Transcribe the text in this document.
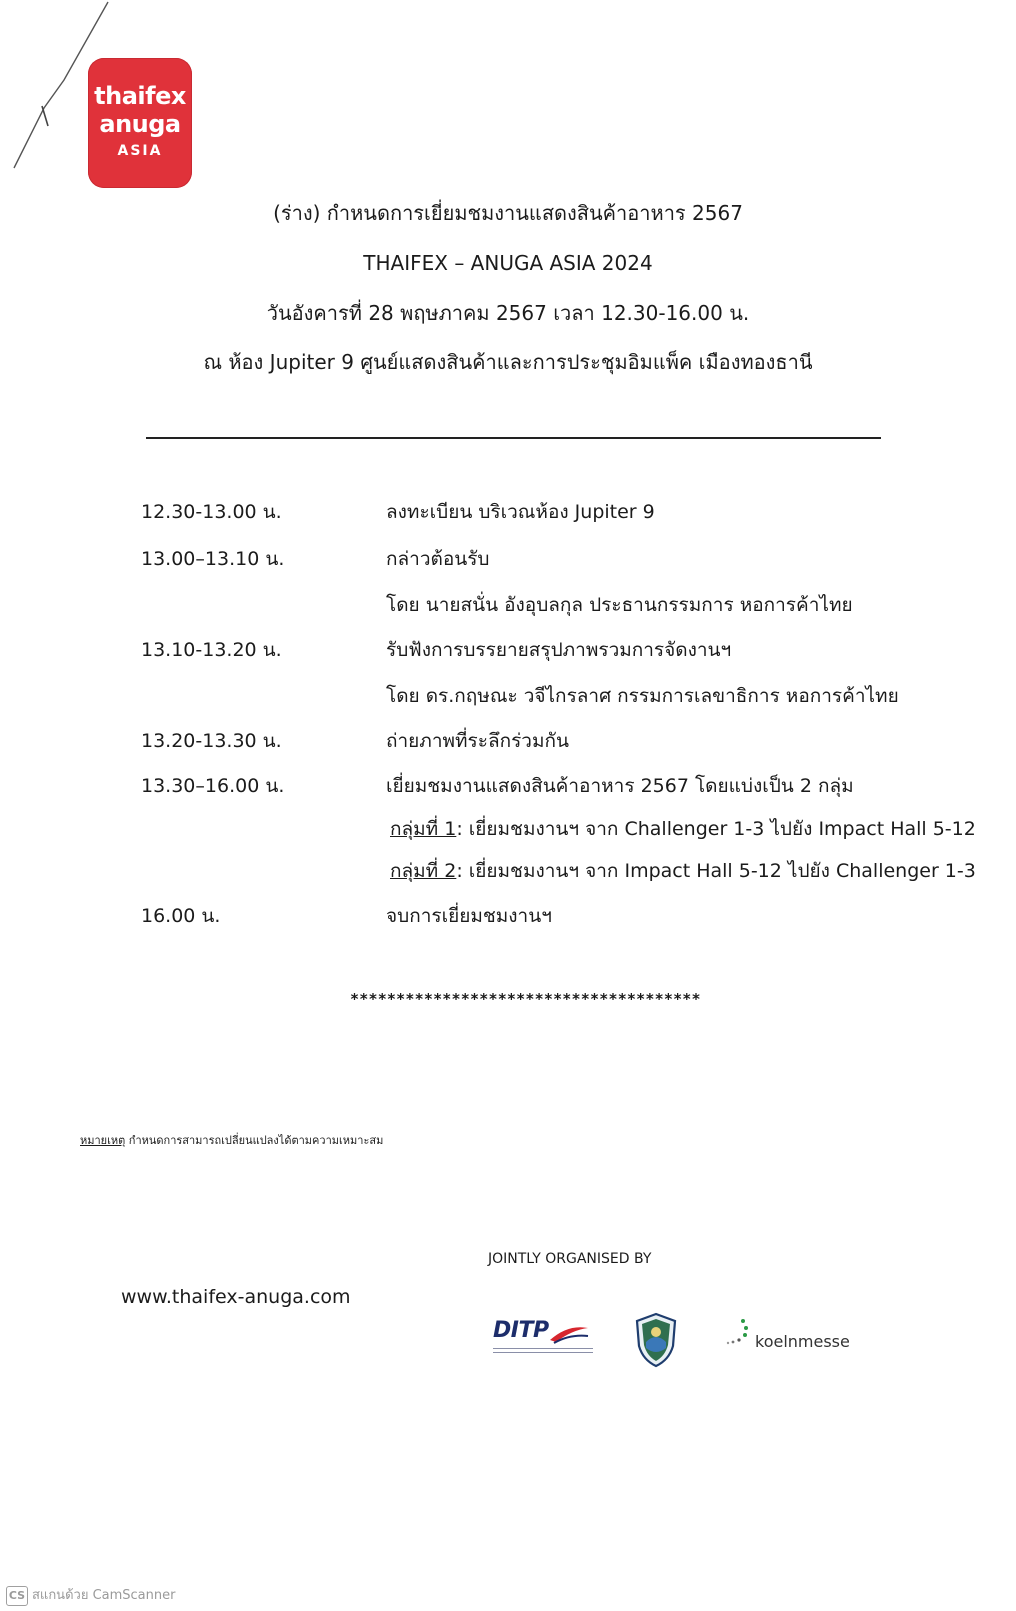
thaifex
anuga
ASIA
(ร่าง) กำหนดการเยี่ยมชมงานแสดงสินค้าอาหาร 2567
THAIFEX – ANUGA ASIA 2024
วันอังคารที่ 28 พฤษภาคม 2567 เวลา 12.30-16.00 น.
ณ ห้อง Jupiter 9 ศูนย์แสดงสินค้าและการประชุมอิมแพ็ค เมืองทองธานี
12.30-13.00 น.	ลงทะเบียน บริเวณห้อง Jupiter 9
13.00–13.10 น.	กล่าวต้อนรับ
โดย นายสนั่น อังอุบลกุล ประธานกรรมการ หอการค้าไทย
13.10-13.20 น.	รับฟังการบรรยายสรุปภาพรวมการจัดงานฯ
โดย ดร.กฤษณะ วจีไกรลาศ กรรมการเลขาธิการ หอการค้าไทย
13.20-13.30 น.	ถ่ายภาพที่ระลึกร่วมกัน
13.30–16.00 น.	เยี่ยมชมงานแสดงสินค้าอาหาร 2567 โดยแบ่งเป็น 2 กลุ่ม
กลุ่มที่ 1: เยี่ยมชมงานฯ จาก Challenger 1-3 ไปยัง Impact Hall 5-12
กลุ่มที่ 2: เยี่ยมชมงานฯ จาก Impact Hall 5-12 ไปยัง Challenger 1-3
16.00 น.	จบการเยี่ยมชมงานฯ
**************************************
หมายเหตุ กำหนดการสามารถเปลี่ยนแปลงได้ตามความเหมาะสม
JOINTLY ORGANISED BY
www.thaifex-anuga.com
DITP	koelnmesse
CS สแกนด้วย CamScanner
